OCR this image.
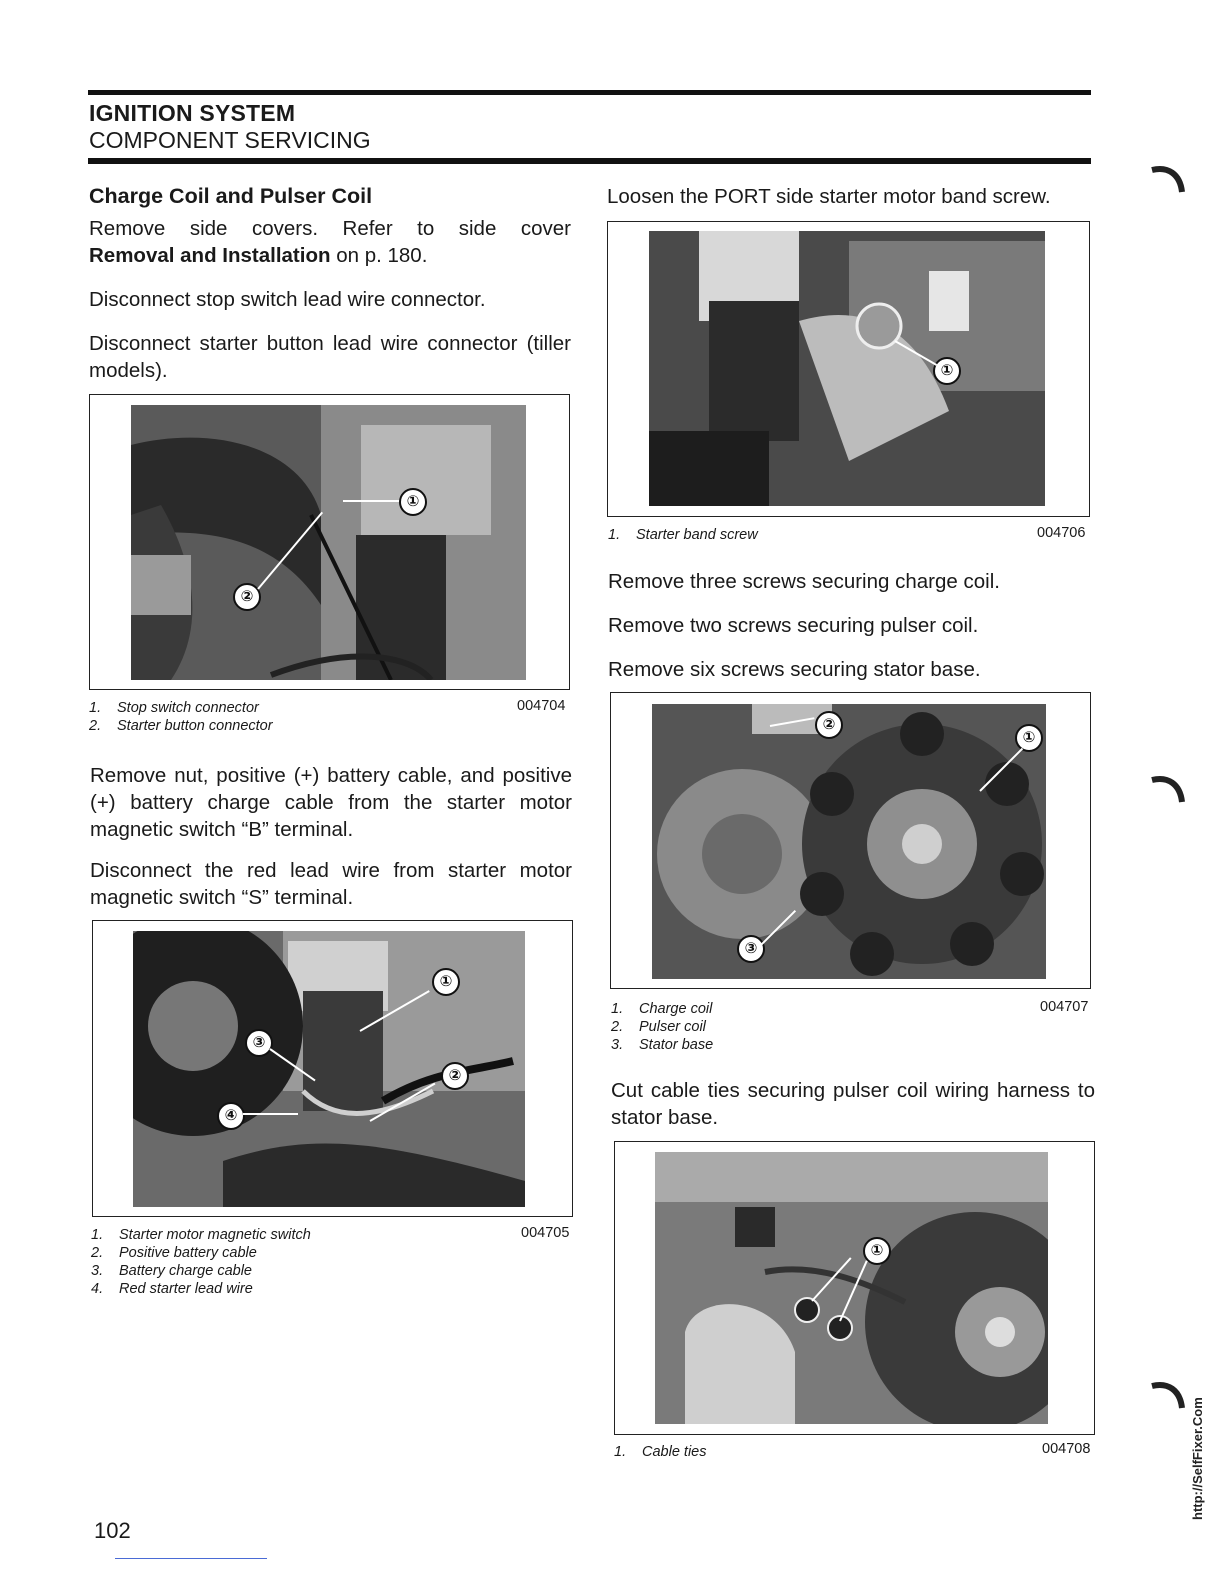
IGNITION SYSTEM
COMPONENT SERVICING
Charge Coil and Pulser Coil
Remove side covers. Refer to side cover
Removal and Installation on p. 180.
Disconnect stop switch lead wire connector.
Disconnect starter button lead wire connector (tiller models).
①
②
1. Stop switch connector
2. Starter button connector
004704
Remove nut, positive (+) battery cable, and positive (+) battery charge cable from the starter motor magnetic switch “B” terminal.
Disconnect the red lead wire from starter motor magnetic switch “S” terminal.
①
②
③
④
1. Starter motor magnetic switch
2. Positive battery cable
3. Battery charge cable
4. Red starter lead wire
004705
Loosen the PORT side starter motor band screw.
①
1. Starter band screw	004706
Remove three screws securing charge coil.
Remove two screws securing pulser coil.
Remove six screws securing stator base.
①
②
③
1. Charge coil
2. Pulser coil
3. Stator base
004707
Cut cable ties securing pulser coil wiring harness to stator base.
①
1. Cable ties	004708
102
http://SelfFixer.Com
